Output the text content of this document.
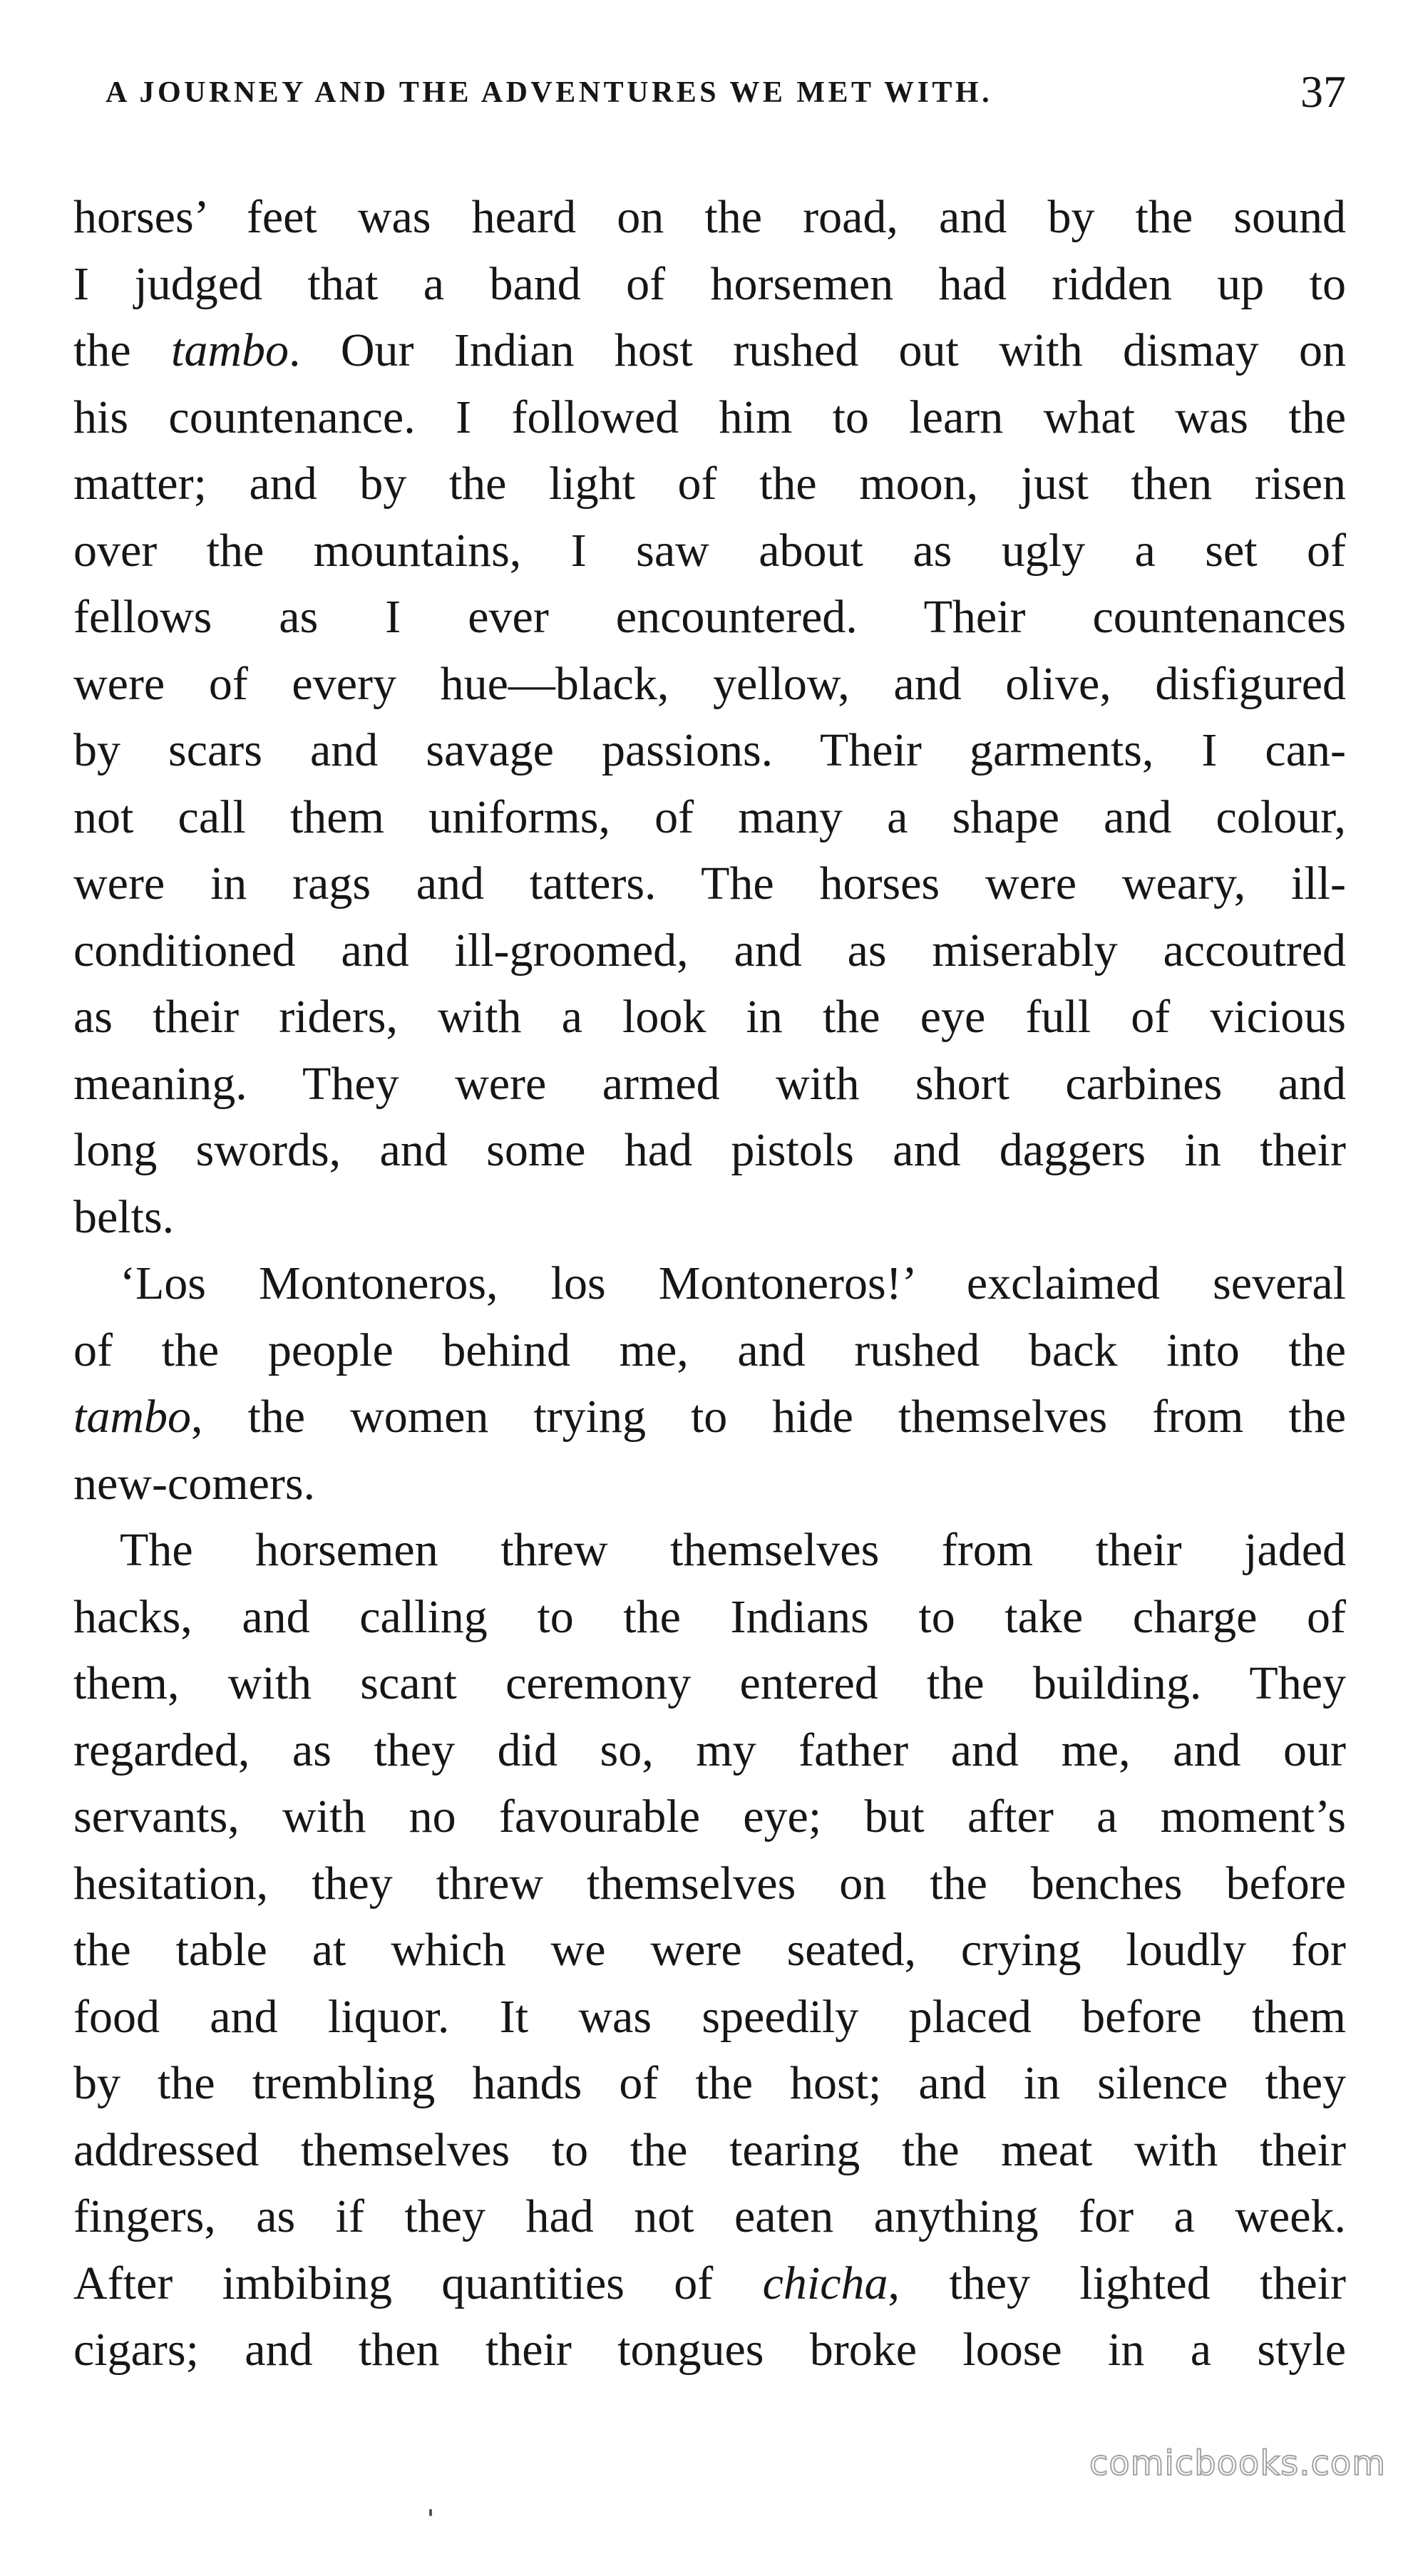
A JOURNEY AND THE ADVENTURES WE MET WITH.	37

horses’ feet was heard on the road, and by the sound
I judged that a band of horsemen had ridden up to
the tambo. Our Indian host rushed out with dismay on
his countenance. I followed him to learn what was the
matter; and by the light of the moon, just then risen
over the mountains, I saw about as ugly a set of
fellows as I ever encountered. Their countenances
were of every hue—black, yellow, and olive, disfigured
by scars and savage passions. Their garments, I can-
not call them uniforms, of many a shape and colour,
were in rags and tatters. The horses were weary, ill-
conditioned and ill-groomed, and as miserably accoutred
as their riders, with a look in the eye full of vicious
meaning. They were armed with short carbines and
long swords, and some had pistols and daggers in their
belts.

‘Los Montoneros, los Montoneros!’ exclaimed several
of the people behind me, and rushed back into the
tambo, the women trying to hide themselves from the
new-comers.

The horsemen threw themselves from their jaded
hacks, and calling to the Indians to take charge of
them, with scant ceremony entered the building. They
regarded, as they did so, my father and me, and our
servants, with no favourable eye; but after a moment’s
hesitation, they threw themselves on the benches before
the table at which we were seated, crying loudly for
food and liquor. It was speedily placed before them
by the trembling hands of the host; and in silence they
addressed themselves to the tearing the meat with their
fingers, as if they had not eaten anything for a week.
After imbibing quantities of chicha, they lighted their
cigars; and then their tongues broke loose in a style

comicbooks.com
